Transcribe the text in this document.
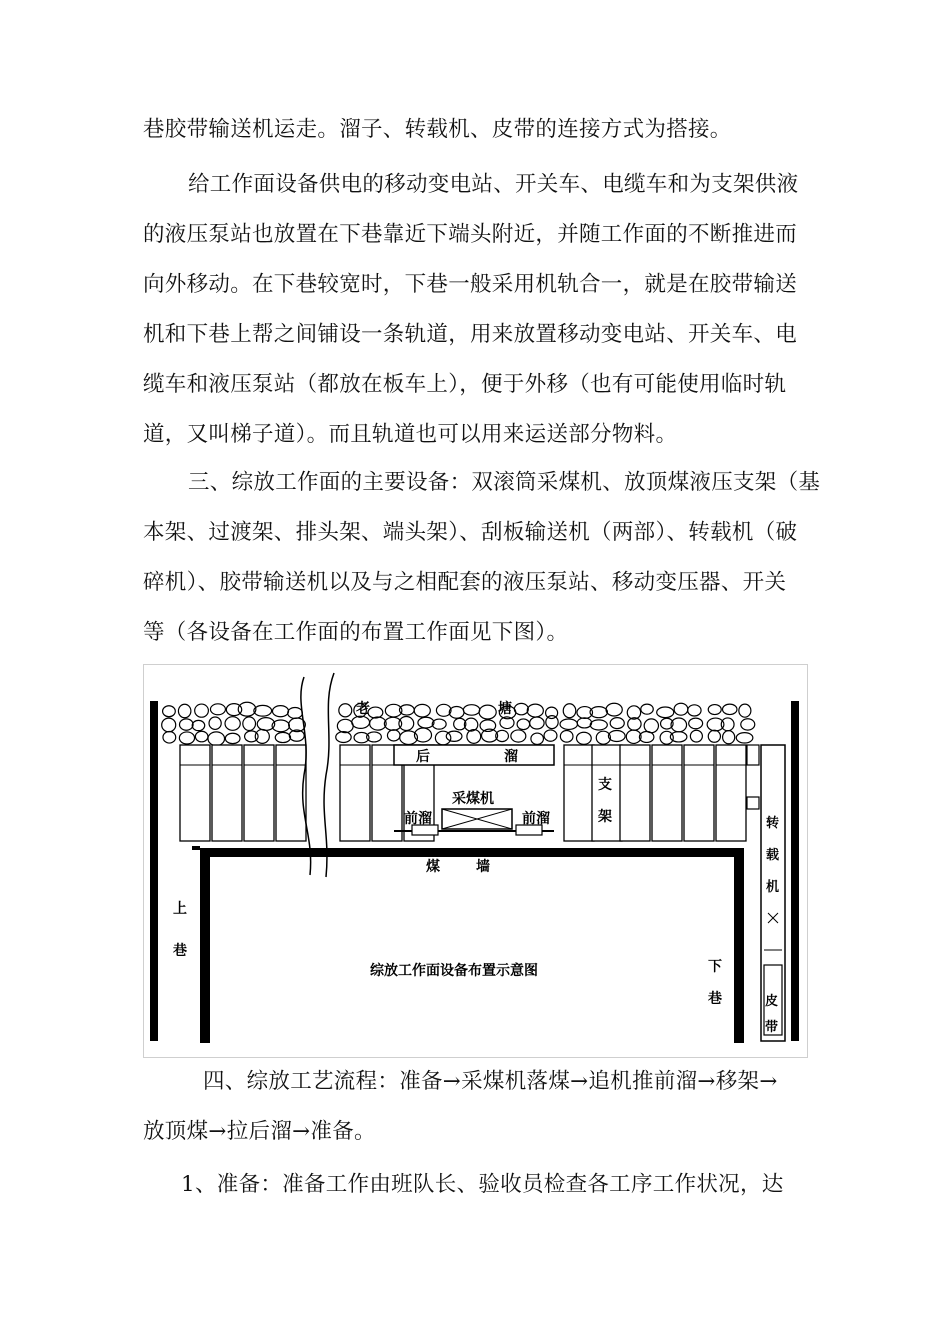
巷胶带输送机运走。溜子、转载机、皮带的连接方式为搭接。
给工作面设备供电的移动变电站、开关车、电缆车和为支架供液
的液压泵站也放置在下巷靠近下端头附近，并随工作面的不断推进而
向外移动。在下巷较宽时，下巷一般采用机轨合一，就是在胶带输送
机和下巷上帮之间铺设一条轨道，用来放置移动变电站、开关车、电
缆车和液压泵站（都放在板车上），便于外移（也有可能使用临时轨
道，又叫梯子道）。而且轨道也可以用来运送部分物料。
三、综放工作面的主要设备：双滚筒采煤机、放顶煤液压支架（基
本架、过渡架、排头架、端头架）、刮板输送机（两部）、转载机（破
碎机）、胶带输送机以及与之相配套的液压泵站、移动变压器、开关
等（各设备在工作面的布置工作面见下图）。
老	塘
后	溜
采煤机
前溜	前溜
支
架
煤	墙
上
巷
下
巷
转
载
机
皮
带
综放工作面设备布置示意图
四、综放工艺流程：准备→采煤机落煤→追机推前溜→移架→
放顶煤→拉后溜→准备。
1、准备：准备工作由班队长、验收员检查各工序工作状况，达
